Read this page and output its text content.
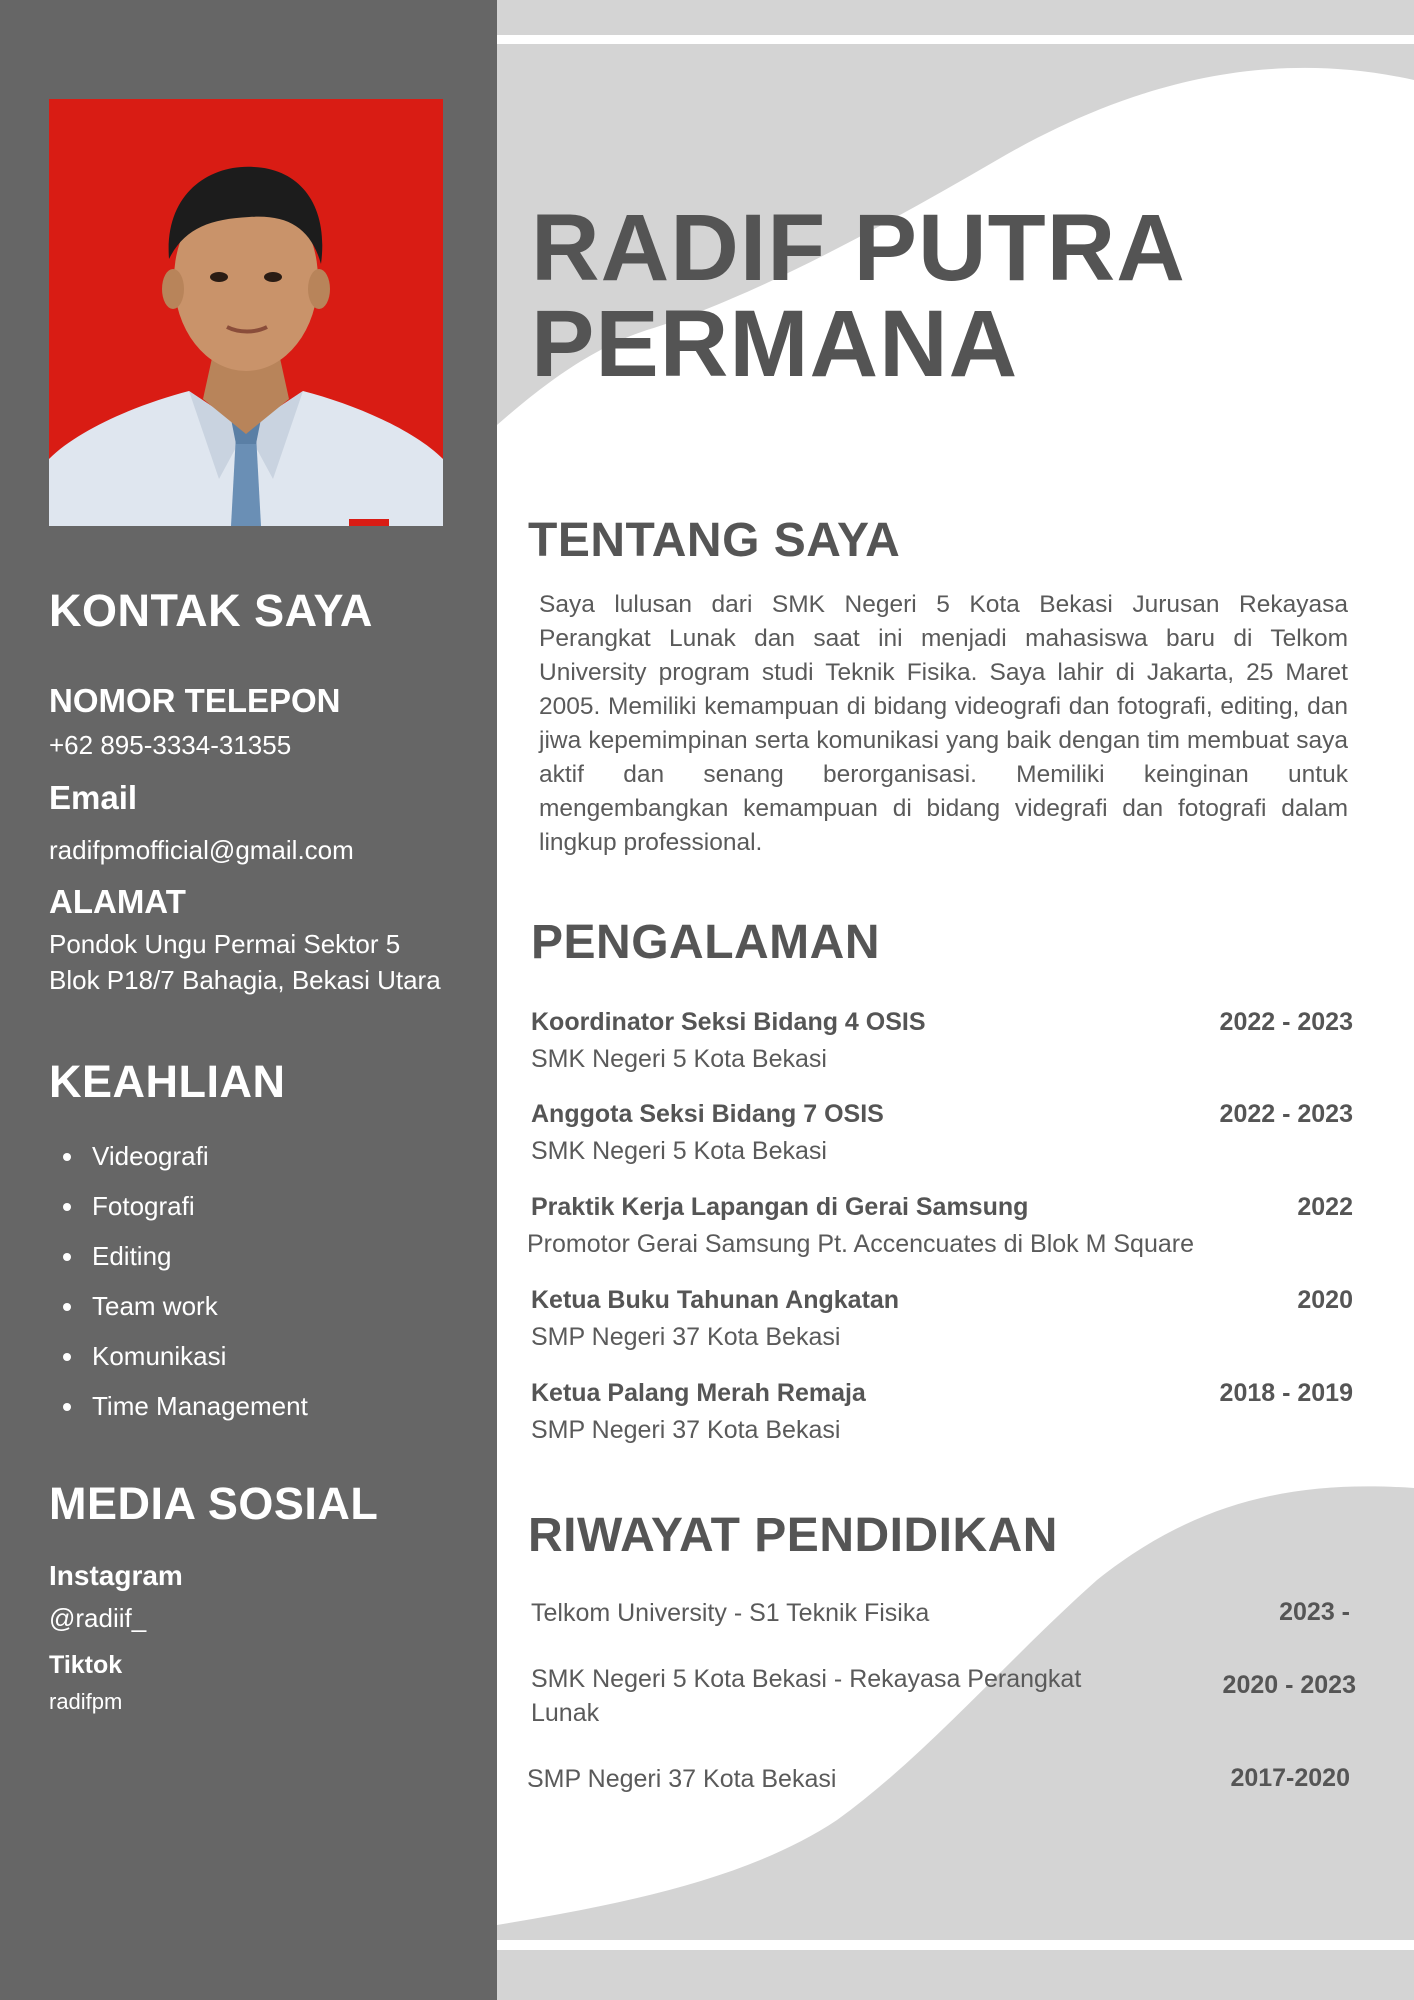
KONTAK SAYA
NOMOR TELEPON
+62 895-3334-31355
Email
radifpmofficial@gmail.com
ALAMAT
Pondok Ungu Permai Sektor 5
Blok P18/7 Bahagia, Bekasi Utara
KEAHLIAN
Videografi
Fotografi
Editing
Team work
Komunikasi
Time Management
MEDIA SOSIAL
Instagram
@radiif_
Tiktok
radifpm
RADIF PUTRA
PERMANA
TENTANG SAYA
Saya lulusan dari SMK Negeri 5 Kota Bekasi Jurusan Rekayasa Perangkat Lunak dan saat ini menjadi mahasiswa baru di Telkom University program studi Teknik Fisika. Saya lahir di Jakarta, 25 Maret 2005. Memiliki kemampuan di bidang videografi dan fotografi, editing, dan jiwa kepemimpinan serta komunikasi yang baik dengan tim membuat saya aktif dan senang berorganisasi. Memiliki keinginan untuk mengembangkan kemampuan di bidang videgrafi dan fotografi dalam lingkup professional.
PENGALAMAN
Koordinator Seksi Bidang 4 OSIS
SMK Negeri 5 Kota Bekasi
2022 - 2023
Anggota Seksi Bidang 7 OSIS
SMK Negeri 5 Kota Bekasi
2022 - 2023
Praktik Kerja Lapangan di Gerai Samsung
Promotor Gerai Samsung Pt. Accencuates di Blok M Square
2022
Ketua Buku Tahunan Angkatan
SMP Negeri 37 Kota Bekasi
2020
Ketua Palang Merah Remaja
SMP Negeri 37 Kota Bekasi
2018 - 2019
RIWAYAT PENDIDIKAN
Telkom University - S1 Teknik Fisika	2023 -
SMK Negeri 5 Kota Bekasi - Rekayasa Perangkat Lunak
2020 - 2023
SMP Negeri 37 Kota Bekasi	2017-2020
